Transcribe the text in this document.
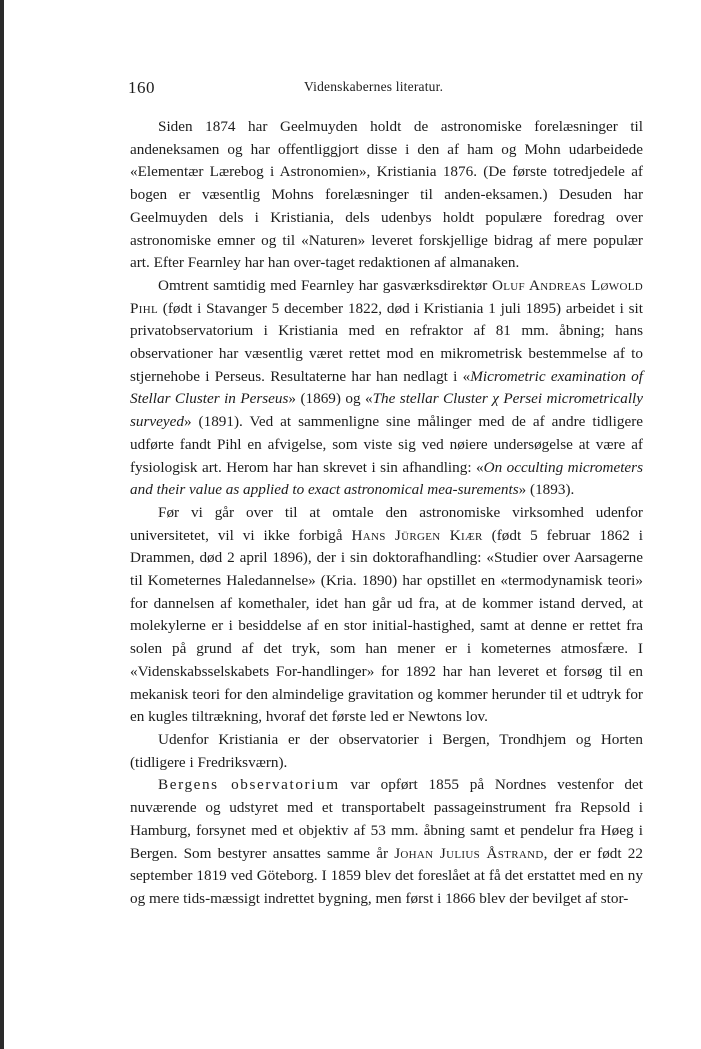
160	Videnskabernes literatur.

Siden 1874 har Geelmuyden holdt de astronomiske forelæsninger til andeneksamen og har offentliggjort disse i den af ham og Mohn udarbeidede «Elementær Lærebog i Astronomien», Kristiania 1876. (De første totredjedele af bogen er væsentlig Mohns forelæsninger til anden-eksamen.) Desuden har Geelmuyden dels i Kristiania, dels udenbys holdt populære foredrag over astronomiske emner og til «Naturen» leveret forskjellige bidrag af mere populær art. Efter Fearnley har han over-taget redaktionen af almanaken.

Omtrent samtidig med Fearnley har gasværksdirektør Oluf Andreas Løwold Pihl (født i Stavanger 5 december 1822, død i Kristiania 1 juli 1895) arbeidet i sit privatobservatorium i Kristiania med en refraktor af 81 mm. åbning; hans observationer har væsentlig været rettet mod en mikrometrisk bestemmelse af to stjernehobe i Perseus. Resultaterne har han nedlagt i «Micrometric examination of Stellar Cluster in Perseus» (1869) og «The stellar Cluster χ Persei micrometrically surveyed» (1891). Ved at sammenligne sine målinger med de af andre tidligere udførte fandt Pihl en afvigelse, som viste sig ved nøiere undersøgelse at være af fysiologisk art. Herom har han skrevet i sin afhandling: «On occulting micrometers and their value as applied to exact astronomical mea-surements» (1893).

Før vi går over til at omtale den astronomiske virksomhed udenfor universitetet, vil vi ikke forbigå Hans Jürgen Kiær (født 5 februar 1862 i Drammen, død 2 april 1896), der i sin doktorafhandling: «Studier over Aarsagerne til Kometernes Haledannelse» (Kria. 1890) har opstillet en «termodynamisk teori» for dannelsen af komethaler, idet han går ud fra, at de kommer istand derved, at molekylerne er i besiddelse af en stor initial-hastighed, samt at denne er rettet fra solen på grund af det tryk, som han mener er i kometernes atmosfære. I «Videnskabsselskabets For-handlinger» for 1892 har han leveret et forsøg til en mekanisk teori for den almindelige gravitation og kommer herunder til et udtryk for en kugles tiltrækning, hvoraf det første led er Newtons lov.

Udenfor Kristiania er der observatorier i Bergen, Trondhjem og Horten (tidligere i Fredriksværn).

Bergens observatorium var opført 1855 på Nordnes vestenfor det nuværende og udstyret med et transportabelt passageinstrument fra Repsold i Hamburg, forsynet med et objektiv af 53 mm. åbning samt et pendelur fra Høeg i Bergen. Som bestyrer ansattes samme år Johan Julius Åstrand, der er født 22 september 1819 ved Göteborg. I 1859 blev det foreslået at få det erstattet med en ny og mere tids-mæssigt indrettet bygning, men først i 1866 blev der bevilget af stor-
